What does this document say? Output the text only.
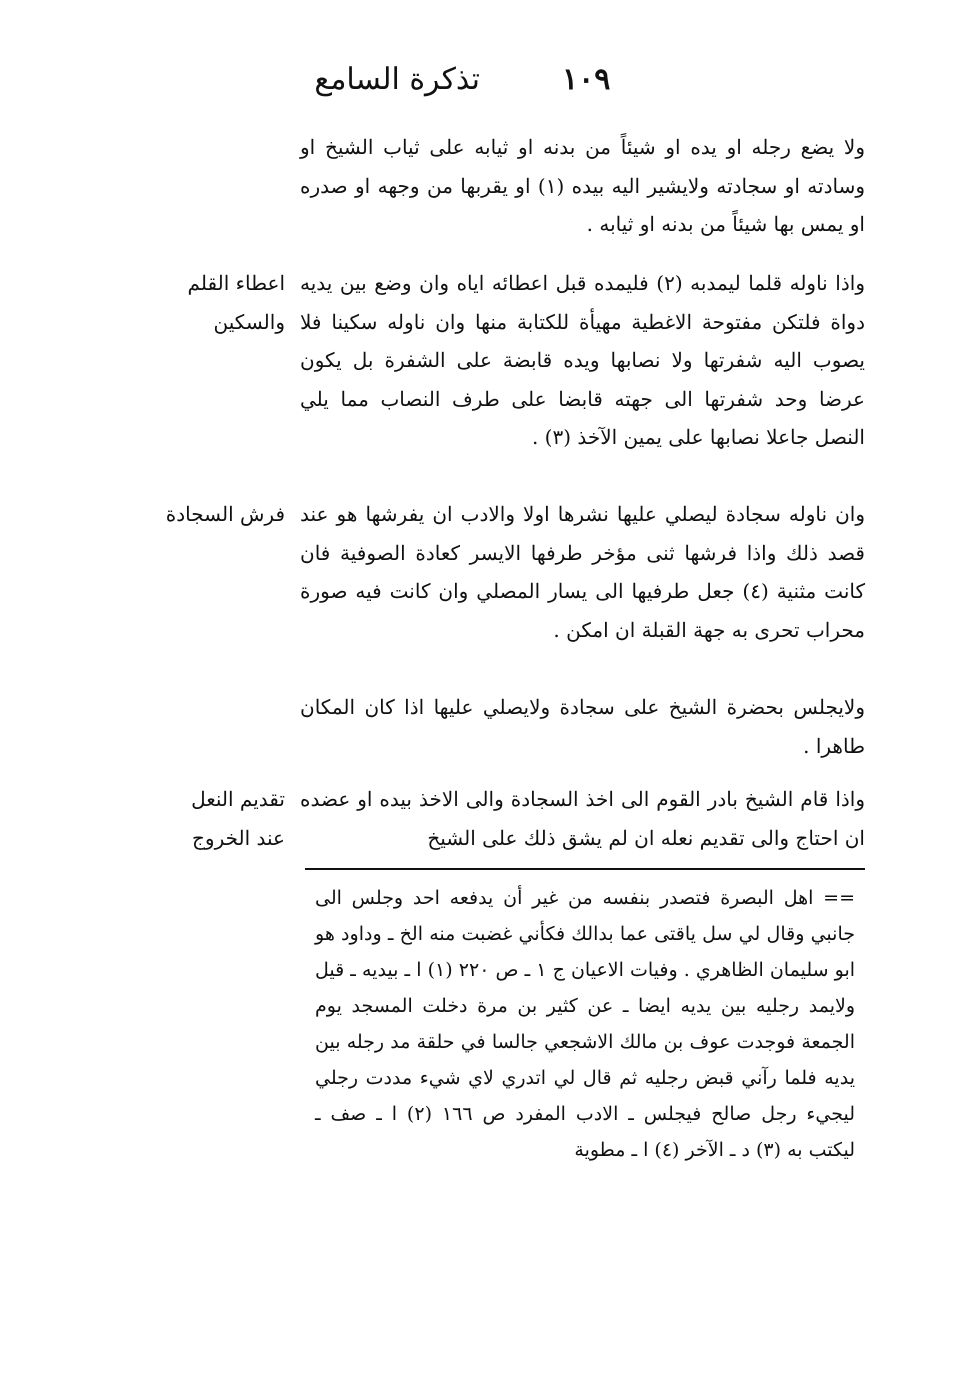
١٠٩
تذكرة السامع

ولا يضع رجله او يده او شيئاً من بدنه او ثيابه على ثياب الشيخ او وسادته او سجادته ولايشير اليه بيده (١) او يقربها من وجهه او صدره او يمس بها شيئاً من بدنه او ثيابه .

واذا ناوله قلما ليمدبه (٢) فليمده قبل اعطائه اياه وان وضع بين يديه دواة فلتكن مفتوحة الاغطية مهيأة للكتابة منها وان ناوله سكينا فلا يصوب اليه شفرتها ولا نصابها ويده قابضة على الشفرة بل يكون عرضا وحد شفرتها الى جهته قابضا على طرف النصاب مما يلي النصل جاعلا نصابها على يمين الآخذ (٣) .

وان ناوله سجادة ليصلي عليها نشرها اولا والادب ان يفرشها هو عند قصد ذلك واذا فرشها ثنى مؤخر طرفها الايسر كعادة الصوفية فان كانت مثنية (٤) جعل طرفيها الى يسار المصلي وان كانت فيه صورة محراب تحرى به جهة القبلة ان امكن .

ولايجلس بحضرة الشيخ على سجادة ولايصلي عليها اذا كان المكان طاهرا .

واذا قام الشيخ بادر القوم الى اخذ السجادة والى الاخذ بيده او عضده ان احتاج والى تقديم نعله ان لم يشق ذلك على الشيخ

اعطاء القلم والسكين
فرش السجادة
تقديم النعل عند الخروج

== اهل البصرة فتصدر بنفسه من غير أن يدفعه احد وجلس الى جانبي وقال لي سل ياقتى عما بدالك فكأني غضبت منه الخ ـ وداود هو ابو سليمان الظاهري . وفيات الاعيان ج ١ ـ ص ٢٢٠ (١) ا ـ بيديه ـ قيل ولايمد رجليه بين يديه ايضا ـ عن كثير بن مرة دخلت المسجد يوم الجمعة فوجدت عوف بن مالك الاشجعي جالسا في حلقة مد رجله بين يديه فلما رآني قبض رجليه ثم قال لي اتدري لاي شيء مددت رجلي ليجيء رجل صالح فيجلس ـ الادب المفرد ص ١٦٦ (٢) ا ـ صف ـ ليكتب به (٣) د ـ الآخر (٤) ا ـ مطوية
